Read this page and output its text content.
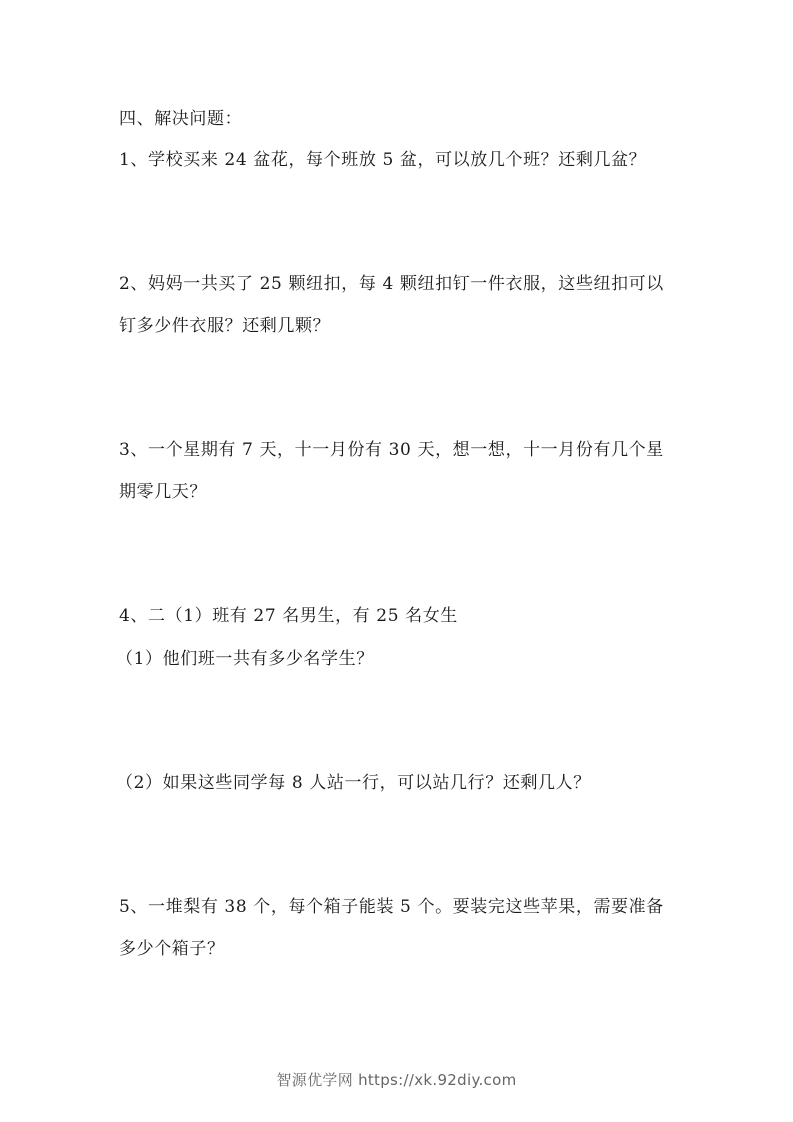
四、解决问题：
1、学校买来 24 盆花，每个班放 5 盆，可以放几个班？还剩几盆？
2、妈妈一共买了 25 颗纽扣，每 4 颗纽扣钉一件衣服，这些纽扣可以
钉多少件衣服？还剩几颗？
3、一个星期有 7 天，十一月份有 30 天，想一想，十一月份有几个星
期零几天？
4、二（1）班有 27 名男生，有 25 名女生
（1）他们班一共有多少名学生？
（2）如果这些同学每 8 人站一行，可以站几行？还剩几人？
5、一堆梨有 38 个，每个箱子能装 5 个。要装完这些苹果，需要准备
多少个箱子？
智源优学网 https://xk.92diy.com
